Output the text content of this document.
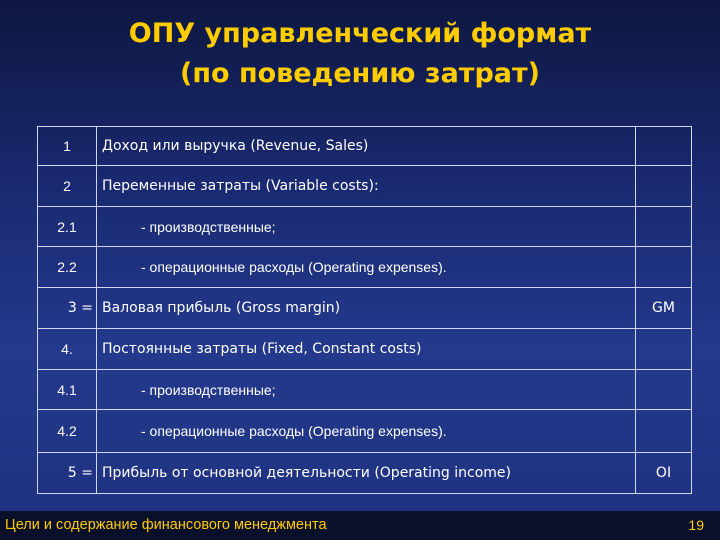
ОПУ управленческий формат
(по поведению затрат)
1	Доход или выручка (Revenue, Sales)	
2	Переменные затраты (Variable costs):	
2.1	- производственные;	
2.2	- операционные расходы (Operating expenses).	
3 =	Валовая прибыль (Gross margin)	GM
4.	Постоянные затраты (Fixed, Constant costs)	
4.1	- производственные;	
4.2	- операционные расходы (Operating expenses).	
5 =	Прибыль от основной деятельности (Operating income)	OI
Цели и содержание финансового менеджмента	19
